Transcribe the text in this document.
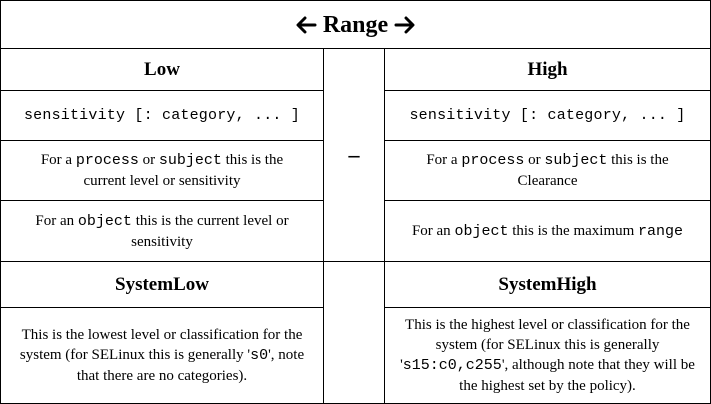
Range
Low
–
High
sensitivity [: category, ... ]	sensitivity [: category, ... ]
For a process or subject this is the current level or sensitivity
For a process or subject this is the Clearance
For an object this is the current level or sensitivity
For an object this is the maximum range
SystemLow	SystemHigh
This is the lowest level or classification for the system (for SELinux this is generally 's0', note that there are no categories).
This is the highest level or classification for the system (for SELinux this is generally 's15:c0,c255', although note that they will be the highest set by the policy).
